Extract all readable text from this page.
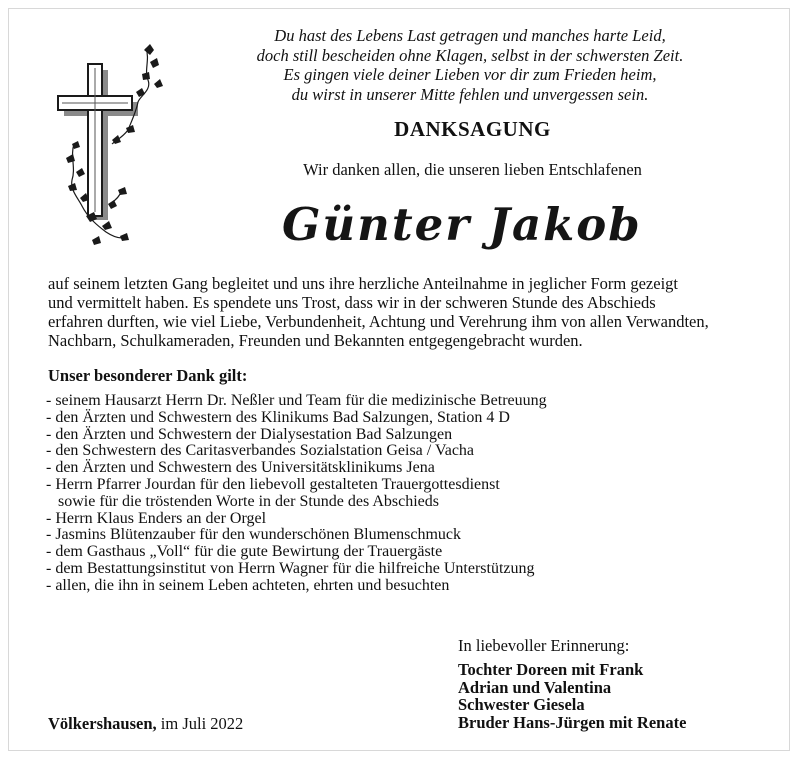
Du hast des Lebens Last getragen und manches harte Leid,
doch still bescheiden ohne Klagen, selbst in der schwersten Zeit.
Es gingen viele deiner Lieben vor dir zum Frieden heim,
du wirst in unserer Mitte fehlen und unvergessen sein.
DANKSAGUNG
Wir danken allen, die unseren lieben Entschlafenen
Günter Jakob
auf seinem letzten Gang begleitet und uns ihre herzliche Anteilnahme in jeglicher Form gezeigt
und vermittelt haben. Es spendete uns Trost, dass wir in der schweren Stunde des Abschieds
erfahren durften, wie viel Liebe, Verbundenheit, Achtung und Verehrung ihm von allen Verwandten,
Nachbarn, Schulkameraden, Freunden und Bekannten entgegengebracht wurden.
Unser besonderer Dank gilt:
- seinem Hausarzt Herrn Dr. Neßler und Team für die medizinische Betreuung
- den Ärzten und Schwestern des Klinikums Bad Salzungen, Station 4 D
- den Ärzten und Schwestern der Dialysestation Bad Salzungen
- den Schwestern des Caritasverbandes Sozialstation Geisa / Vacha
- den Ärzten und Schwestern des Universitätsklinikums Jena
- Herrn Pfarrer Jourdan für den liebevoll gestalteten Trauergottesdienst
sowie für die tröstenden Worte in der Stunde des Abschieds
- Herrn Klaus Enders an der Orgel
- Jasmins Blütenzauber für den wunderschönen Blumenschmuck
- dem Gasthaus „Voll“ für die gute Bewirtung der Trauergäste
- dem Bestattungsinstitut von Herrn Wagner für die hilfreiche Unterstützung
- allen, die ihn in seinem Leben achteten, ehrten und besuchten
In liebevoller Erinnerung:
Tochter Doreen mit Frank
Adrian und Valentina
Schwester Giesela
Bruder Hans-Jürgen mit Renate
Völkershausen, im Juli 2022
